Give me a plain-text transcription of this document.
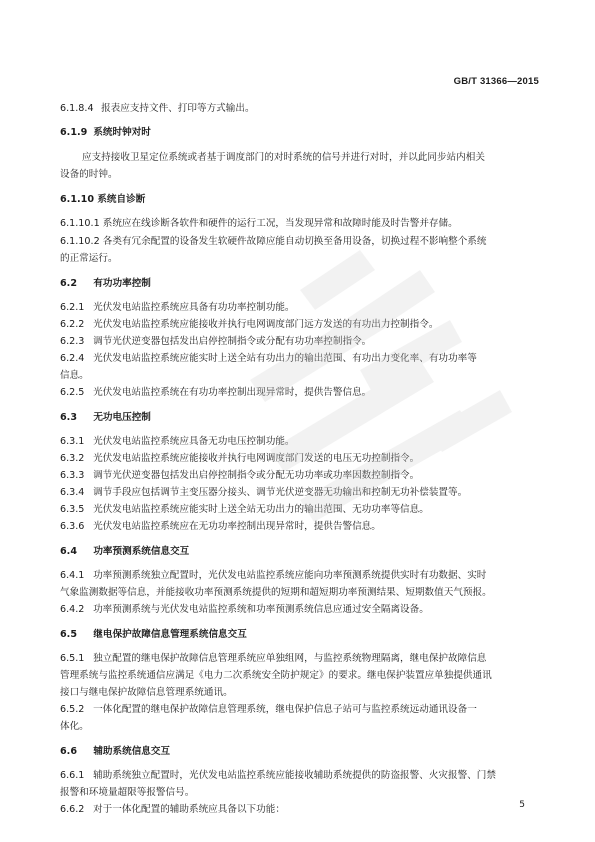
GB/T 31366—2015
6.1.8.4 报表应支持文件、打印等方式输出。
6.1.9 系统时钟对时
应支持接收卫星定位系统或者基于调度部门的对时系统的信号并进行对时，并以此同步站内相关
设备的时钟。
6.1.10 系统自诊断
6.1.10.1 系统应在线诊断各软件和硬件的运行工况，当发现异常和故障时能及时告警并存储。
6.1.10.2 各类有冗余配置的设备发生软硬件故障应能自动切换至备用设备，切换过程不影响整个系统
的正常运行。
6.2 有功功率控制
6.2.1 光伏发电站监控系统应具备有功功率控制功能。
6.2.2 光伏发电站监控系统应能接收并执行电网调度部门远方发送的有功出力控制指令。
6.2.3 调节光伏逆变器包括发出启停控制指令或分配有功功率控制指令。
6.2.4 光伏发电站监控系统应能实时上送全站有功出力的输出范围、有功出力变化率、有功功率等
信息。
6.2.5 光伏发电站监控系统在有功功率控制出现异常时，提供告警信息。
6.3 无功电压控制
6.3.1 光伏发电站监控系统应具备无功电压控制功能。
6.3.2 光伏发电站监控系统应能接收并执行电网调度部门发送的电压无功控制指令。
6.3.3 调节光伏逆变器包括发出启停控制指令或分配无功功率或功率因数控制指令。
6.3.4 调节手段应包括调节主变压器分接头、调节光伏逆变器无功输出和控制无功补偿装置等。
6.3.5 光伏发电站监控系统应能实时上送全站无功出力的输出范围、无功功率等信息。
6.3.6 光伏发电站监控系统应在无功功率控制出现异常时，提供告警信息。
6.4 功率预测系统信息交互
6.4.1 功率预测系统独立配置时，光伏发电站监控系统应能向功率预测系统提供实时有功数据、实时
气象监测数据等信息，并能接收功率预测系统提供的短期和超短期功率预测结果、短期数值天气预报。
6.4.2 功率预测系统与光伏发电站监控系统和功率预测系统信息应通过安全隔离设备。
6.5 继电保护故障信息管理系统信息交互
6.5.1 独立配置的继电保护故障信息管理系统应单独组网，与监控系统物理隔离，继电保护故障信息
管理系统与监控系统通信应满足《电力二次系统安全防护规定》的要求。继电保护装置应单独提供通讯
接口与继电保护故障信息管理系统通讯。
6.5.2 一体化配置的继电保护故障信息管理系统，继电保护信息子站可与监控系统远动通讯设备一
体化。
6.6 辅助系统信息交互
6.6.1 辅助系统独立配置时，光伏发电站监控系统应能接收辅助系统提供的防盗报警、火灾报警、门禁
报警和环境量超限等报警信号。
6.6.2 对于一体化配置的辅助系统应具备以下功能：	5
